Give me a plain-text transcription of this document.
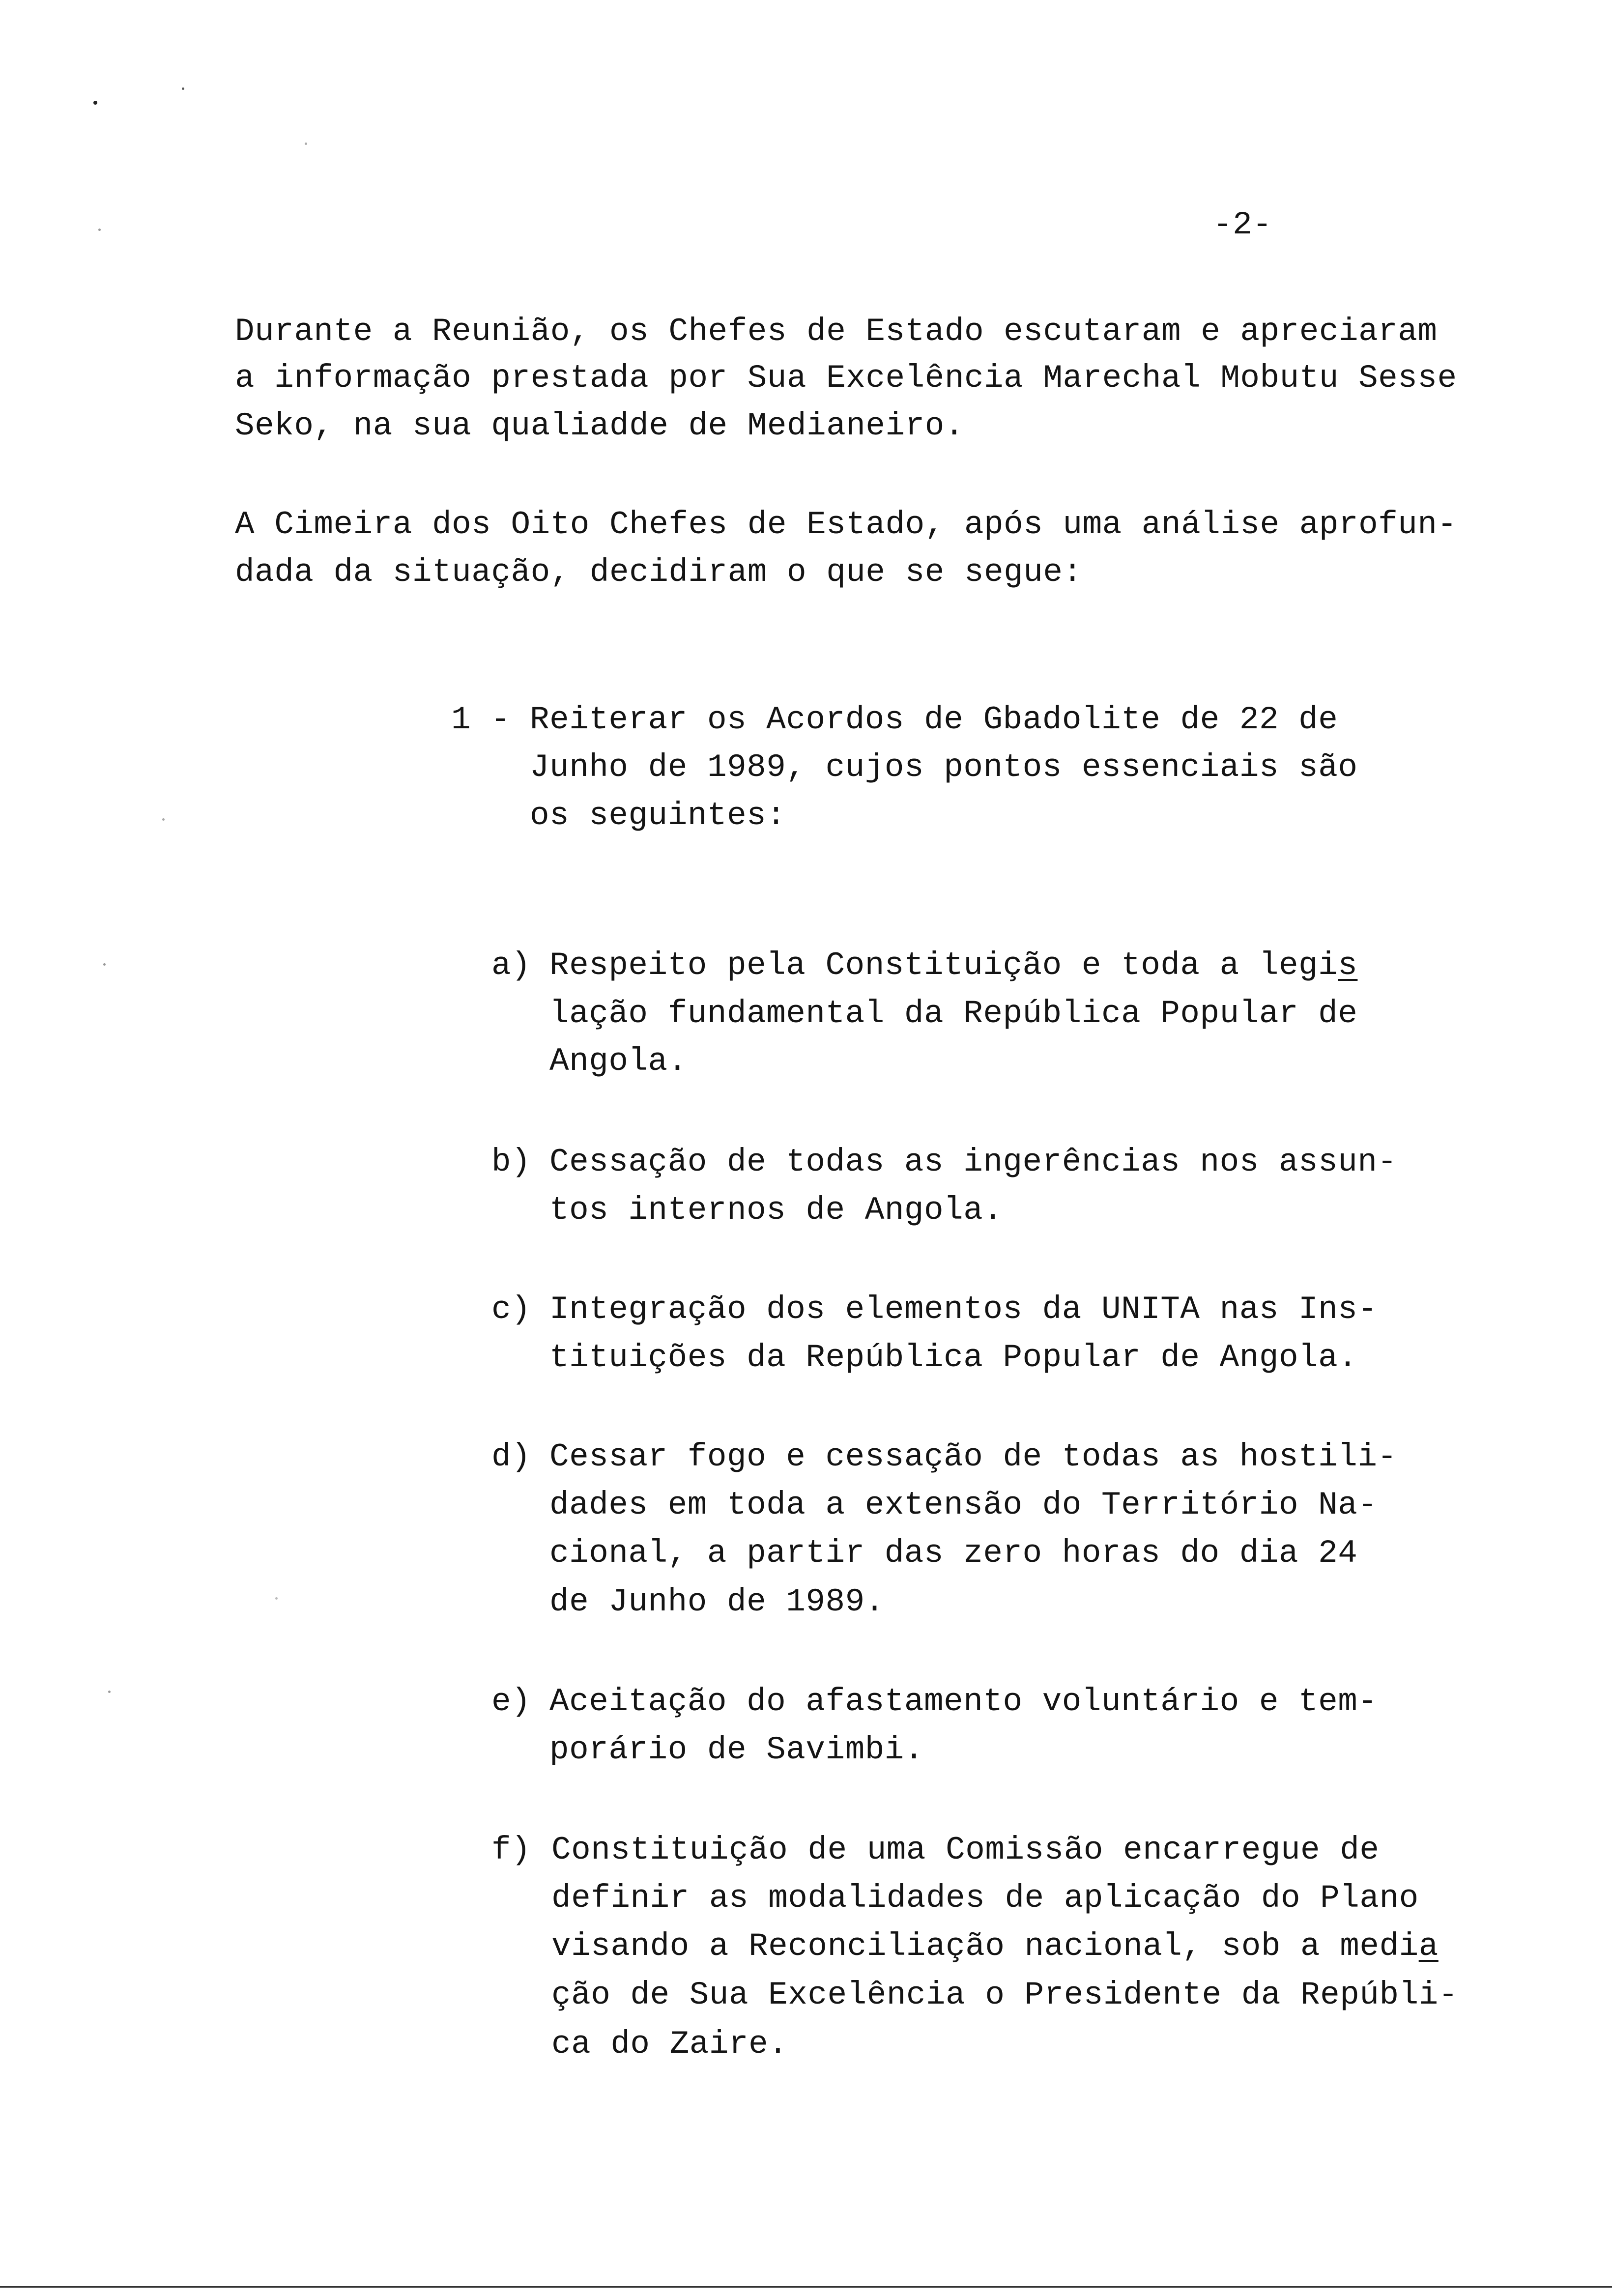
-2-
Durante a Reunião, os Chefes de Estado escutaram e apreciaram
a informação prestada por Sua Excelência Marechal Mobutu Sesse
Seko, na sua qualiadde de Medianeiro.
A Cimeira dos Oito Chefes de Estado, após uma análise aprofun-
dada da situação, decidiram o que se segue:
1 - Reiterar os Acordos de Gbadolite de 22 de
Junho de 1989, cujos pontos essenciais são
os seguintes:
a) Respeito pela Constituição e toda a legis
lação fundamental da República Popular de
Angola.
b) Cessação de todas as ingerências nos assun-
tos internos de Angola.
c) Integração dos elementos da UNITA nas Ins-
tituições da República Popular de Angola.
d) Cessar fogo e cessação de todas as hostili-
dades em toda a extensão do Território Na-
cional, a partir das zero horas do dia 24
de Junho de 1989.
e) Aceitação do afastamento voluntário e tem-
porário de Savimbi.
f) Constituição de uma Comissão encarregue de
definir as modalidades de aplicação do Plano
visando a Reconciliação nacional, sob a media
ção de Sua Excelência o Presidente da Repúbli-
ca do Zaire.
